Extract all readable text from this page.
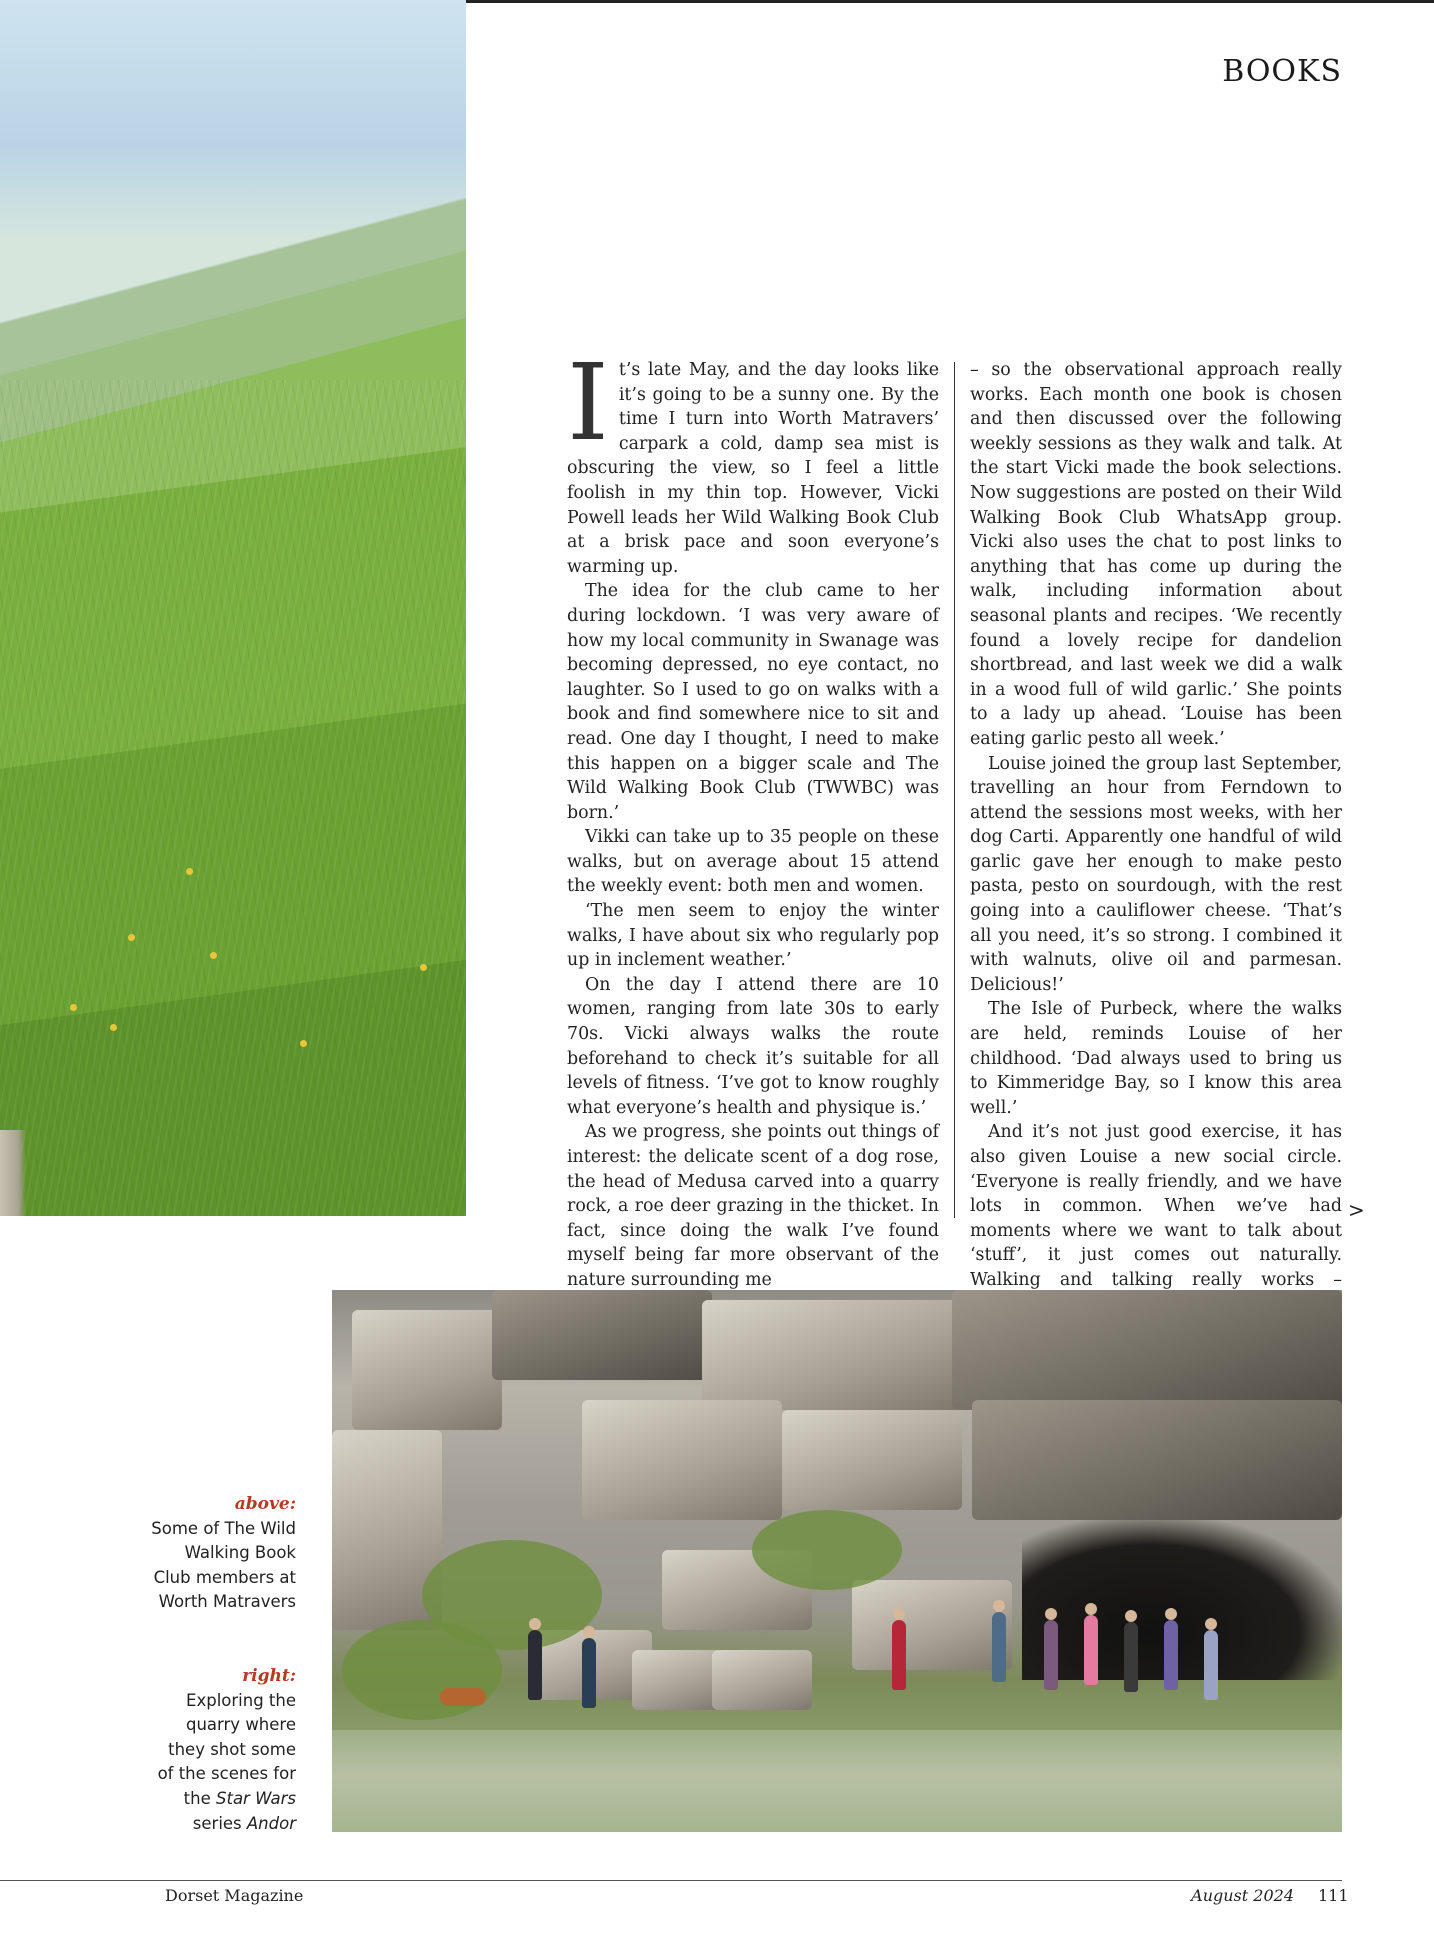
BOOKS

It’s late May, and the day looks like it’s going to be a sunny one. By the time I turn into Worth Matravers’ carpark a cold, damp sea mist is obscuring the view, so I feel a little foolish in my thin top. However, Vicki Powell leads her Wild Walking Book Club at a brisk pace and soon everyone’s warming up.

The idea for the club came to her during lockdown. ‘I was very aware of how my local community in Swanage was becoming depressed, no eye contact, no laughter. So I used to go on walks with a book and find somewhere nice to sit and read. One day I thought, I need to make this happen on a bigger scale and The Wild Walking Book Club (TWWBC) was born.’

Vikki can take up to 35 people on these walks, but on average about 15 attend the weekly event: both men and women.

‘The men seem to enjoy the winter walks, I have about six who regularly pop up in inclement weather.’

On the day I attend there are 10 women, ranging from late 30s to early 70s. Vicki always walks the route beforehand to check it’s suitable for all levels of fitness. ‘I’ve got to know roughly what everyone’s health and physique is.’

As we progress, she points out things of interest: the delicate scent of a dog rose, the head of Medusa carved into a quarry rock, a roe deer grazing in the thicket. In fact, since doing the walk I’ve found myself being far more observant of the nature surrounding me

– so the observational approach really works. Each month one book is chosen and then discussed over the following weekly sessions as they walk and talk. At the start Vicki made the book selections. Now suggestions are posted on their Wild Walking Book Club WhatsApp group. Vicki also uses the chat to post links to anything that has come up during the walk, including information about seasonal plants and recipes. ‘We recently found a lovely recipe for dandelion shortbread, and last week we did a walk in a wood full of wild garlic.’ She points to a lady up ahead. ‘Louise has been eating garlic pesto all week.’

Louise joined the group last September, travelling an hour from Ferndown to attend the sessions most weeks, with her dog Carti. Apparently one handful of wild garlic gave her enough to make pesto pasta, pesto on sourdough, with the rest going into a cauliflower cheese. ‘That’s all you need, it’s so strong. I combined it with walnuts, olive oil and parmesan. Delicious!’

The Isle of Purbeck, where the walks are held, reminds Louise of her childhood. ‘Dad always used to bring us to Kimmeridge Bay, so I know this area well.’

And it’s not just good exercise, it has also given Louise a new social circle. ‘Everyone is really friendly, and we have lots in common. When we’ve had moments where we want to talk about ‘stuff’, it just comes out naturally. Walking and talking really works –

>
above:
Some of The Wild Walking Book Club members at Worth Matravers
right:
Exploring the quarry where they shot some of the scenes for the Star Wars series Andor
Dorset Magazine	August 2024 111
